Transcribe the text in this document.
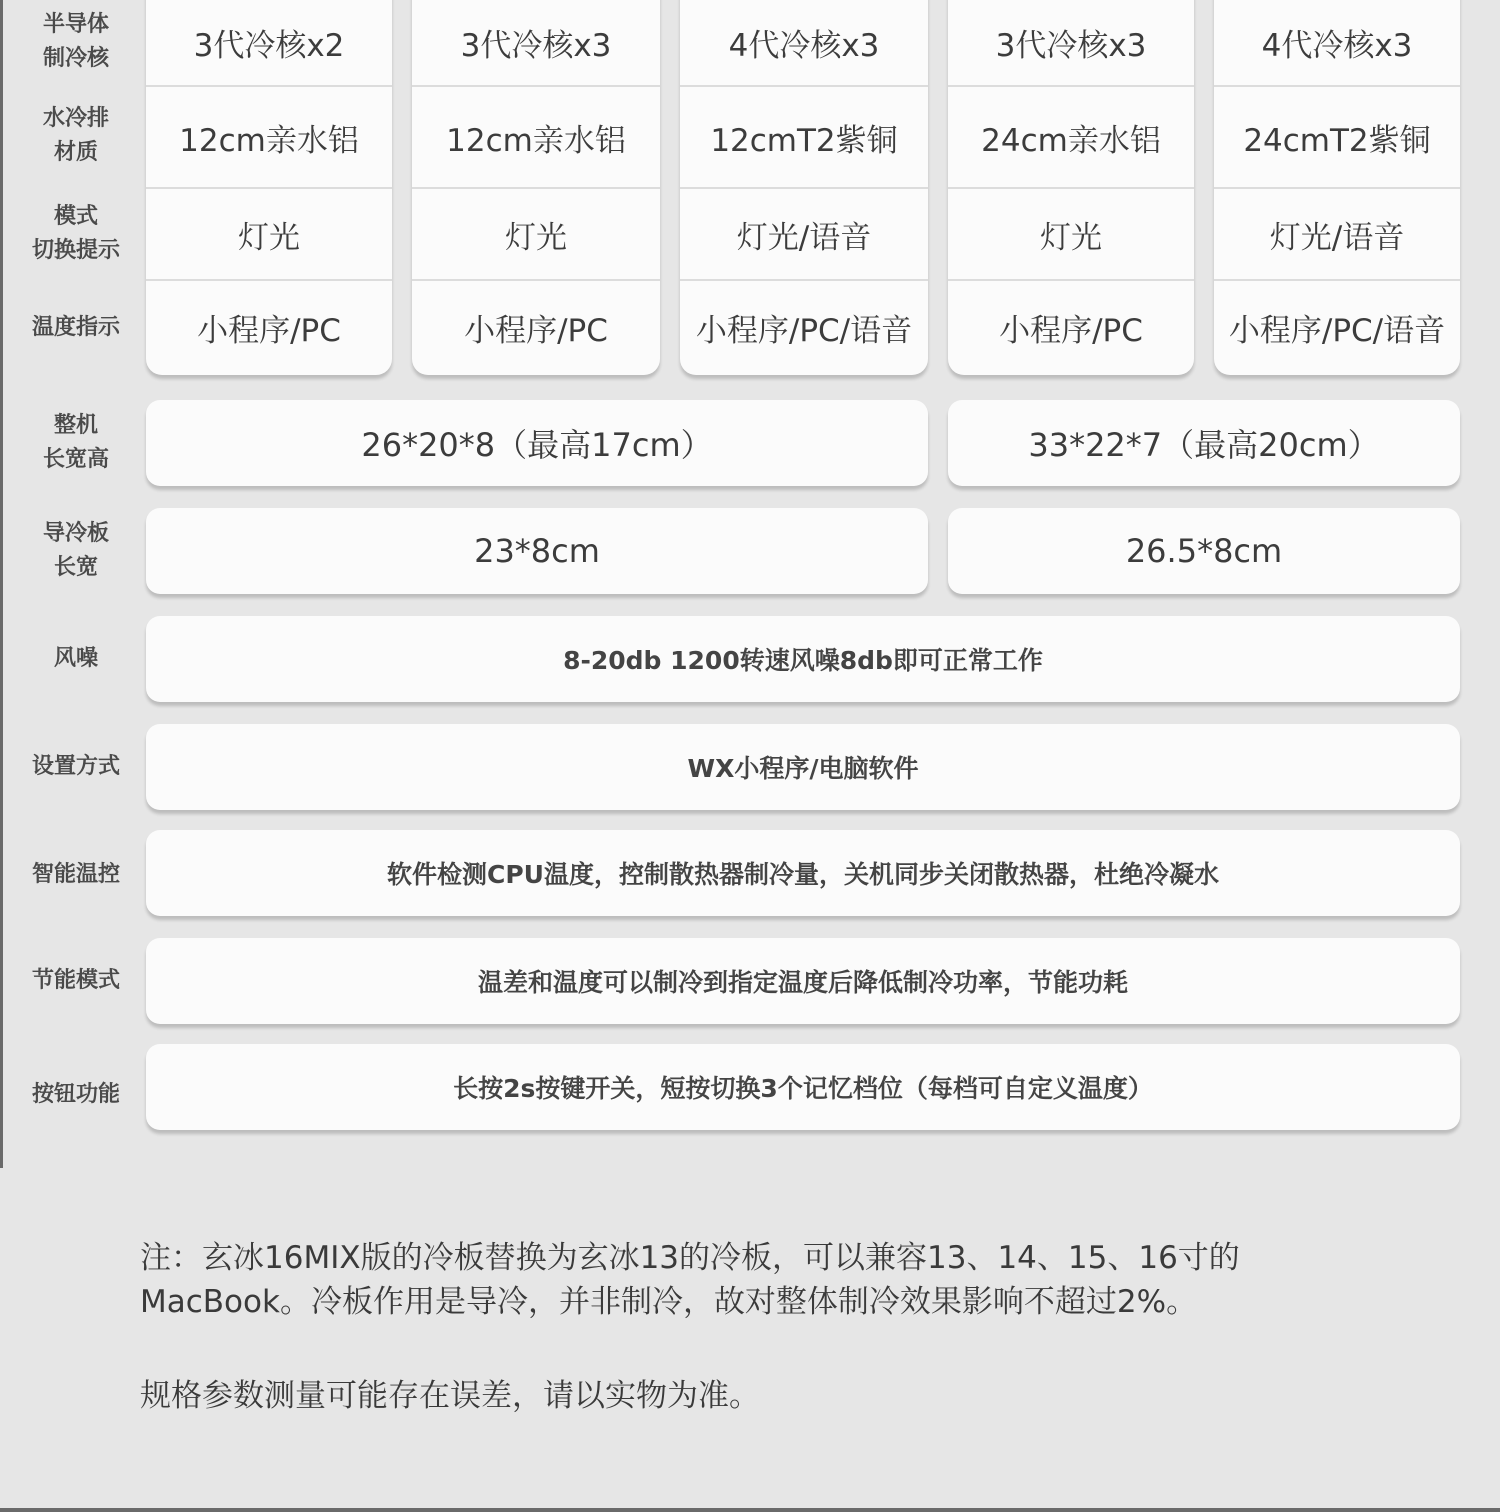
半导体
制冷核
水冷排
材质
模式
切换提示
温度指示
整机
长宽高
导冷板
长宽
风噪
设置方式
智能温控
节能模式
按钮功能
3代冷核x2
12cm亲水铝
灯光
小程序/PC
3代冷核x3
12cm亲水铝
灯光
小程序/PC
4代冷核x3
12cmT2紫铜
灯光/语音
小程序/PC/语音
3代冷核x3
24cm亲水铝
灯光
小程序/PC
4代冷核x3
24cmT2紫铜
灯光/语音
小程序/PC/语音
26*20*8（最高17cm）	33*22*7（最高20cm）
23*8cm	26.5*8cm
8-20db 1200转速风噪8db即可正常工作
WX小程序/电脑软件
软件检测CPU温度，控制散热器制冷量，关机同步关闭散热器，杜绝冷凝水
温差和温度可以制冷到指定温度后降低制冷功率，节能功耗
长按2s按键开关，短按切换3个记忆档位（每档可自定义温度）
注：玄冰16MIX版的冷板替换为玄冰13的冷板，可以兼容13、14、15、16寸的
MacBook。冷板作用是导冷，并非制冷，故对整体制冷效果影响不超过2%。
规格参数测量可能存在误差，请以实物为准。
